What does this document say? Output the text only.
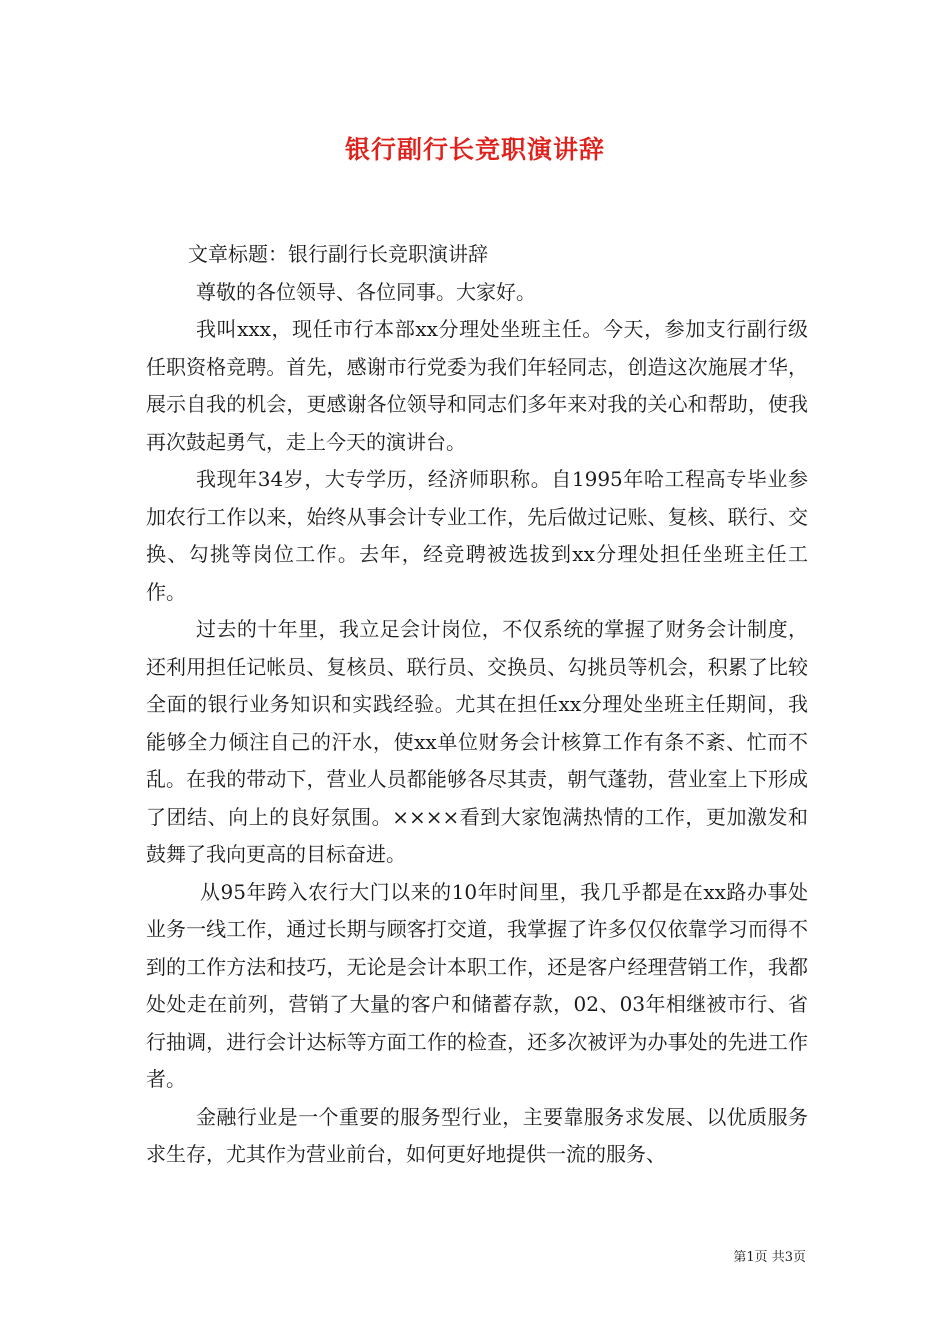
银行副行长竞职演讲辞

文章标题：银行副行长竞职演讲辞

尊敬的各位领导、各位同事。大家好。

我叫xxx，现任市行本部xx分理处坐班主任。今天，参加支行副行级任职资格竞聘。首先，感谢市行党委为我们年轻同志，创造这次施展才华，展示自我的机会，更感谢各位领导和同志们多年来对我的关心和帮助，使我再次鼓起勇气，走上今天的演讲台。

我现年34岁，大专学历，经济师职称。自1995年哈工程高专毕业参加农行工作以来，始终从事会计专业工作，先后做过记账、复核、联行、交换、勾挑等岗位工作。去年，经竞聘被选拔到xx分理处担任坐班主任工作。

过去的十年里，我立足会计岗位，不仅系统的掌握了财务会计制度，还利用担任记帐员、复核员、联行员、交换员、勾挑员等机会，积累了比较全面的银行业务知识和实践经验。尤其在担任xx分理处坐班主任期间，我能够全力倾注自己的汗水，使xx单位财务会计核算工作有条不紊、忙而不乱。在我的带动下，营业人员都能够各尽其责，朝气蓬勃，营业室上下形成了团结、向上的良好氛围。××××看到大家饱满热情的工作，更加激发和鼓舞了我向更高的目标奋进。

从95年跨入农行大门以来的10年时间里，我几乎都是在xx路办事处业务一线工作，通过长期与顾客打交道，我掌握了许多仅仅依靠学习而得不到的工作方法和技巧，无论是会计本职工作，还是客户经理营销工作，我都处处走在前列，营销了大量的客户和储蓄存款，02、03年相继被市行、省行抽调，进行会计达标等方面工作的检查，还多次被评为办事处的先进工作者。

金融行业是一个重要的服务型行业，主要靠服务求发展、以优质服务求生存，尤其作为营业前台，如何更好地提供一流的服务、

第1页 共3页
